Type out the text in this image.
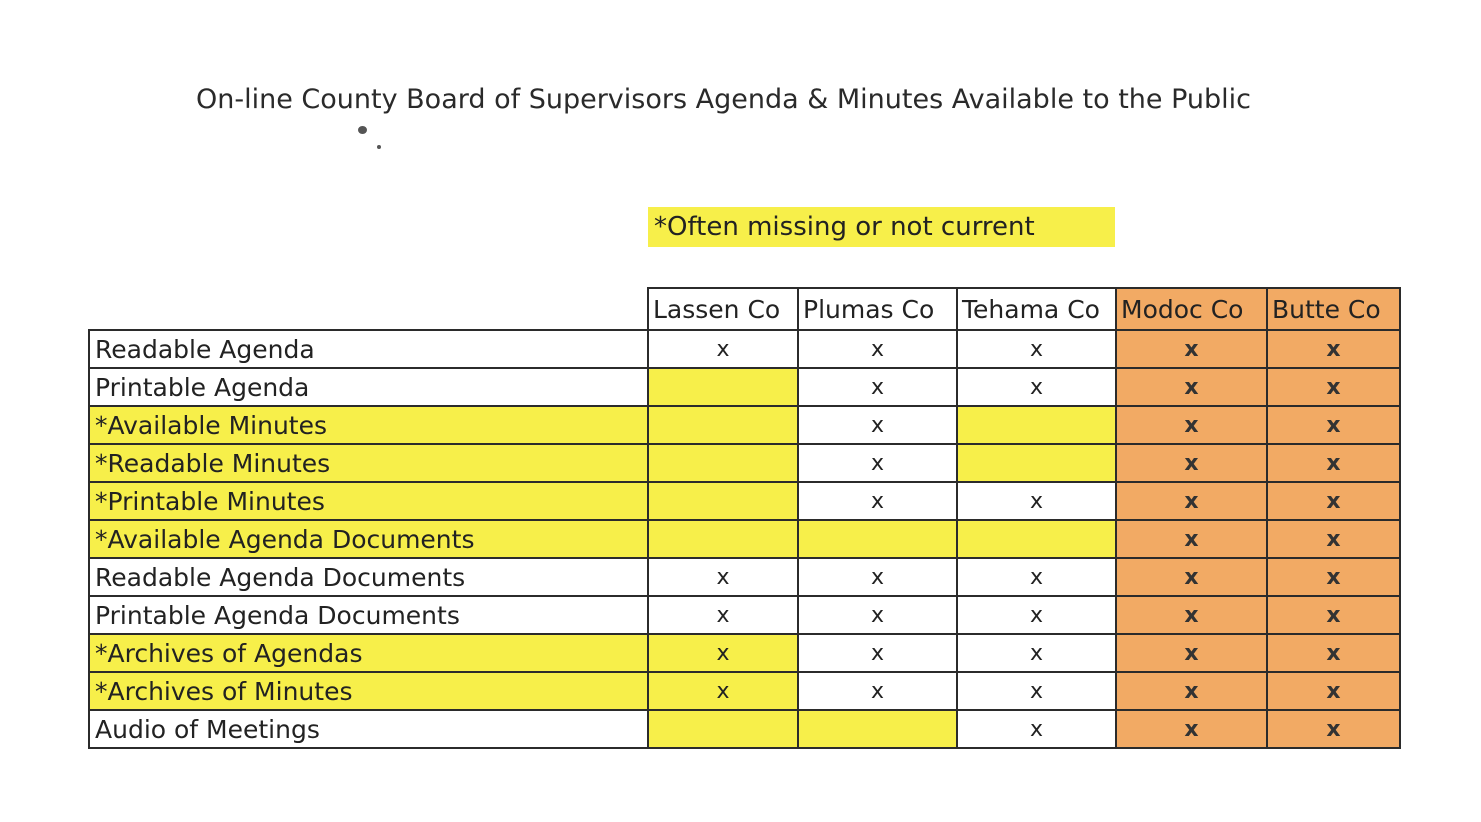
On-line County Board of Supervisors Agenda & Minutes Available to the Public
*Often missing or not current
	Lassen Co	Plumas Co	Tehama Co	Modoc Co	Butte Co
Readable Agenda	x	x	x	x	x
Printable Agenda		x	x	x	x
*Available Minutes		x		x	x
*Readable Minutes		x		x	x
*Printable Minutes		x	x	x	x
*Available Agenda Documents				x	x
Readable Agenda Documents	x	x	x	x	x
Printable Agenda Documents	x	x	x	x	x
*Archives of Agendas	x	x	x	x	x
*Archives of Minutes	x	x	x	x	x
Audio of Meetings			x	x	x
